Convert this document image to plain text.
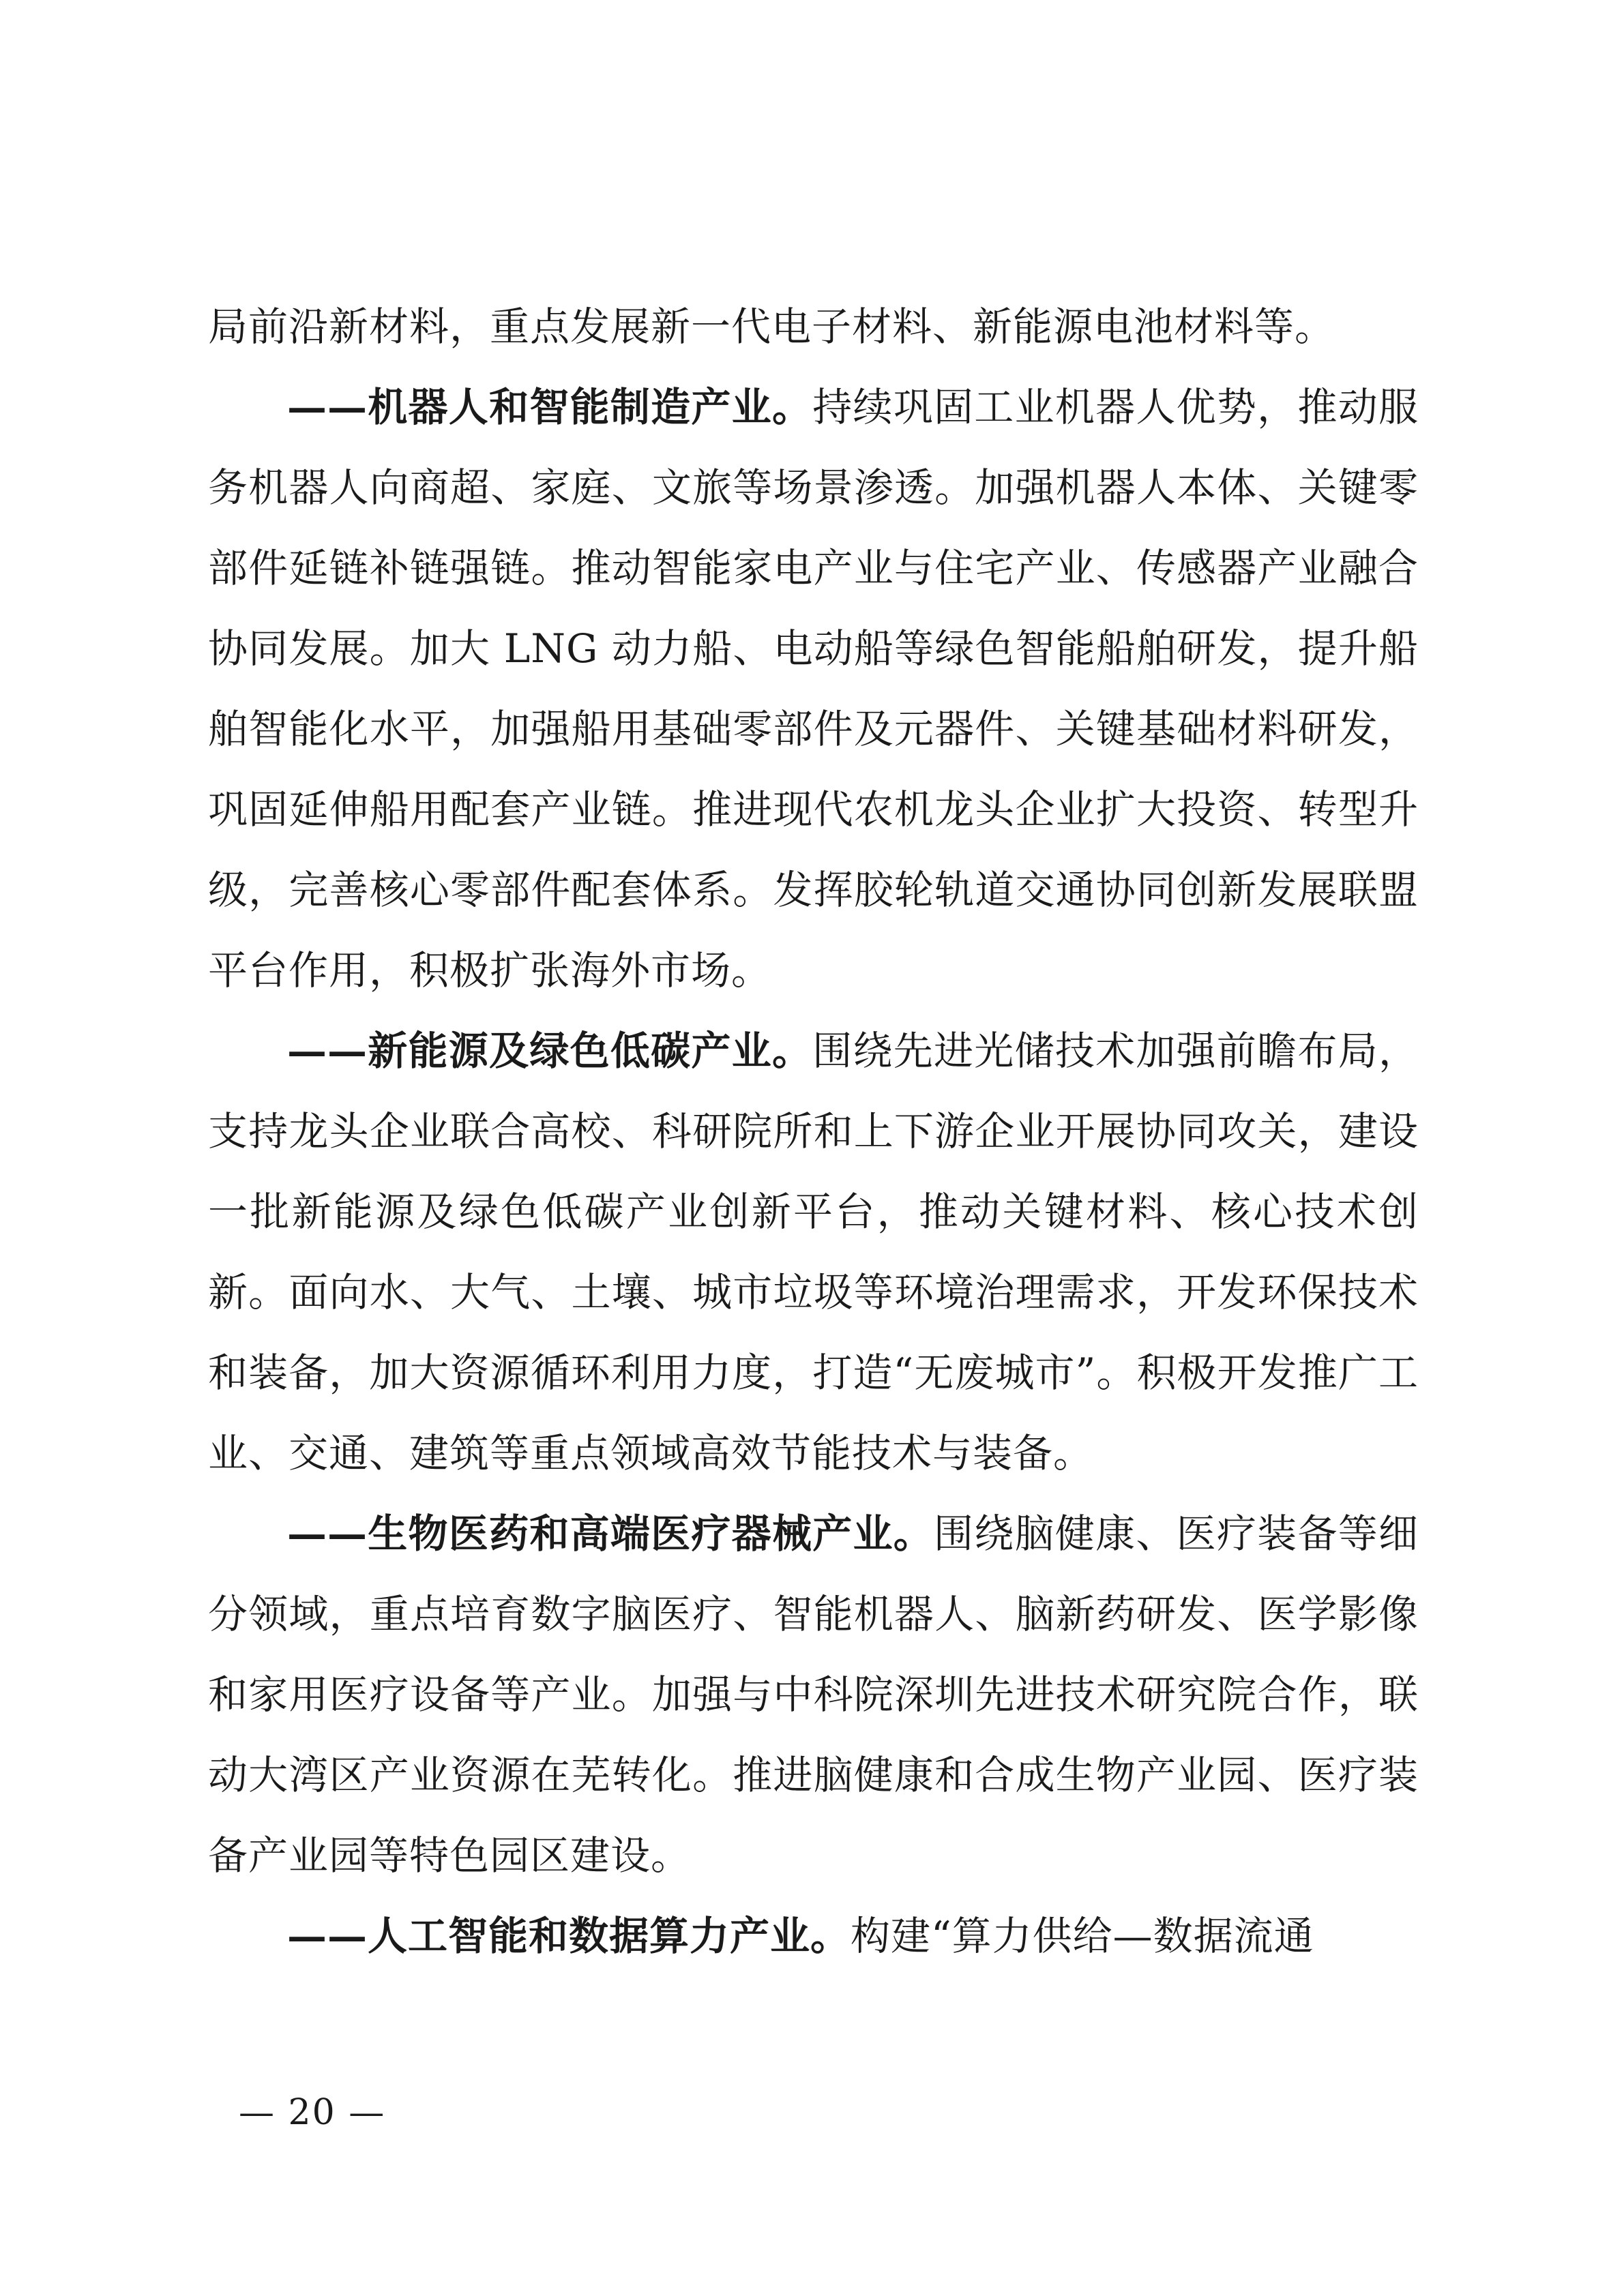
局前沿新材料，重点发展新一代电子材料、新能源电池材料等。

——机器人和智能制造产业。持续巩固工业机器人优势，推动服务机器人向商超、家庭、文旅等场景渗透。加强机器人本体、关键零部件延链补链强链。推动智能家电产业与住宅产业、传感器产业融合协同发展。加大 LNG 动力船、电动船等绿色智能船舶研发，提升船舶智能化水平，加强船用基础零部件及元器件、关键基础材料研发，巩固延伸船用配套产业链。推进现代农机龙头企业扩大投资、转型升级，完善核心零部件配套体系。发挥胶轮轨道交通协同创新发展联盟平台作用，积极扩张海外市场。

——新能源及绿色低碳产业。围绕先进光储技术加强前瞻布局，支持龙头企业联合高校、科研院所和上下游企业开展协同攻关，建设一批新能源及绿色低碳产业创新平台，推动关键材料、核心技术创新。面向水、大气、土壤、城市垃圾等环境治理需求，开发环保技术和装备，加大资源循环利用力度，打造“无废城市”。积极开发推广工业、交通、建筑等重点领域高效节能技术与装备。

——生物医药和高端医疗器械产业。围绕脑健康、医疗装备等细分领域，重点培育数字脑医疗、智能机器人、脑新药研发、医学影像和家用医疗设备等产业。加强与中科院深圳先进技术研究院合作，联动大湾区产业资源在芜转化。推进脑健康和合成生物产业园、医疗装备产业园等特色园区建设。

——人工智能和数据算力产业。构建“算力供给—数据流通

— 20 —
